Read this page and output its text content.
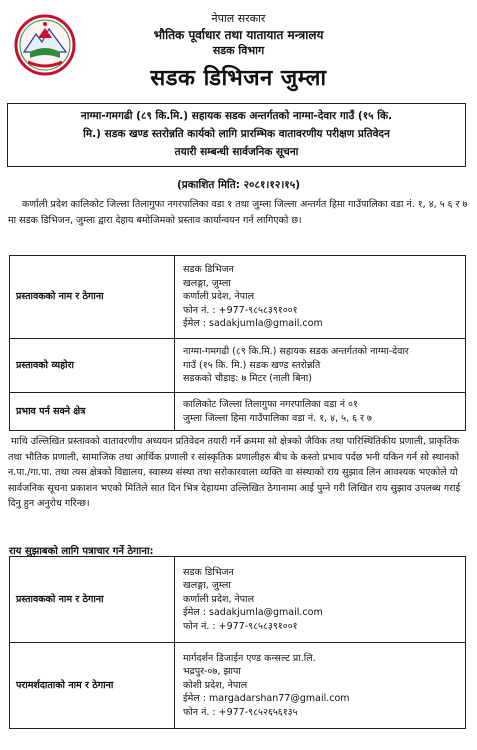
नेपाल सरकार
भौतिक पूर्वाधार तथा यातायात मन्त्रालय
सडक विभाग
सडक डिभिजन जुम्ला
नाग्मा-गमगढी (८९ कि.मि.) सहायक सडक अन्तर्गतको नाग्मा-देवार गाउँ (१५ कि.
मि.) सडक खण्ड स्तरोन्नति कार्यको लागि प्रारम्भिक वातावरणीय परीक्षण प्रतिवेदन
तयारी सम्बन्धी सार्वजनिक सूचना
(प्रकाशित मिति: २०८१।१२।१५)
कर्णाली प्रदेश कालिकोट जिल्ला तिलागुफा नगरपालिका वडा १ तथा जुम्ला जिल्ला अन्तर्गत हिमा गाउँपालिका वडा नं. १, ४, ५ ६ र ७ मा सडक डिभिजन, जुम्ला द्वारा देहाय बमोजिमको प्रस्ताव कार्यान्वयन गर्न लागिएको छ।
प्रस्तावकको नाम र ठेगाना	सडक डिभिजन
खलङ्गा, जुम्ला
कर्णाली प्रदेश, नेपाल
फोन नं. : +977-९८५८३९१००१
ईमेल : sadakjumla@gmail.com

प्रस्तावको व्यहोरा	नाग्मा-गमगढी (८९ कि.मि.) सहायक सडक अन्तर्गतको नाग्मा-देवार
गाउँ (१५ कि. मि.) सडक खण्ड स्तरोन्नति
सडकको चौडाइ: ७ मिटर (नाली बिना)

प्रभाव पर्न सक्ने क्षेत्र	कालिकोट जिल्ला तिलागुफा नगरपालिका वडा नं ०१
जुम्ला जिल्ला हिमा गाउँपालिका वडा नं. १, ४, ५, ६ र ७
माथि उल्लिखित प्रस्तावको वातावरणीय अध्ययन प्रतिवेदन तयारी गर्ने क्रममा सो क्षेत्रको जैविक तथा पारिस्थितिकीय प्रणाली, प्राकृतिक तथा भौतिक प्रणाली, सामाजिक तथा आर्थिक प्रणाली र सांस्कृतिक प्रणालीहरु बीच के कस्तो प्रभाव पर्दछ भनी यकिन गर्न सो स्थानको न.पा./गा.पा. तथा त्यस क्षेत्रको विद्यालय, स्वास्थ्य संस्था तथा सरोकारवाला व्यक्ति वा संस्थाको राय सुझाव लिन आवश्यक भएकोले यो सार्वजनिक सूचना प्रकाशन भएको मितिले सात दिन भित्र देहायमा उल्लिखित ठेगानामा आई पुग्ने गरी लिखित राय सुझाव उपलब्ध गराई दिनु हुन अनुरोध गरिन्छ।
राय सुझाबको लागि पत्राचार गर्ने ठेगाना:
प्रस्तावकको नाम र ठेगाना	सडक डिभिजन
खलङ्गा, जुम्ला
कर्णाली प्रदेश, नेपाल
ईमेल : sadakjumla@gmail.com
फोन नं. : +977-९८५८३९१००१

परामर्शदाताको नाम र ठेगाना	मार्गदर्शन डिजाईन एण्ड कन्सल्ट प्रा.लि.
भद्रपुर-०७, झापा
कोशी प्रदेश, नेपाल
ईमेल : margadarshan77@gmail.com
फोन नं. : +977-९८५२६५६१३५
